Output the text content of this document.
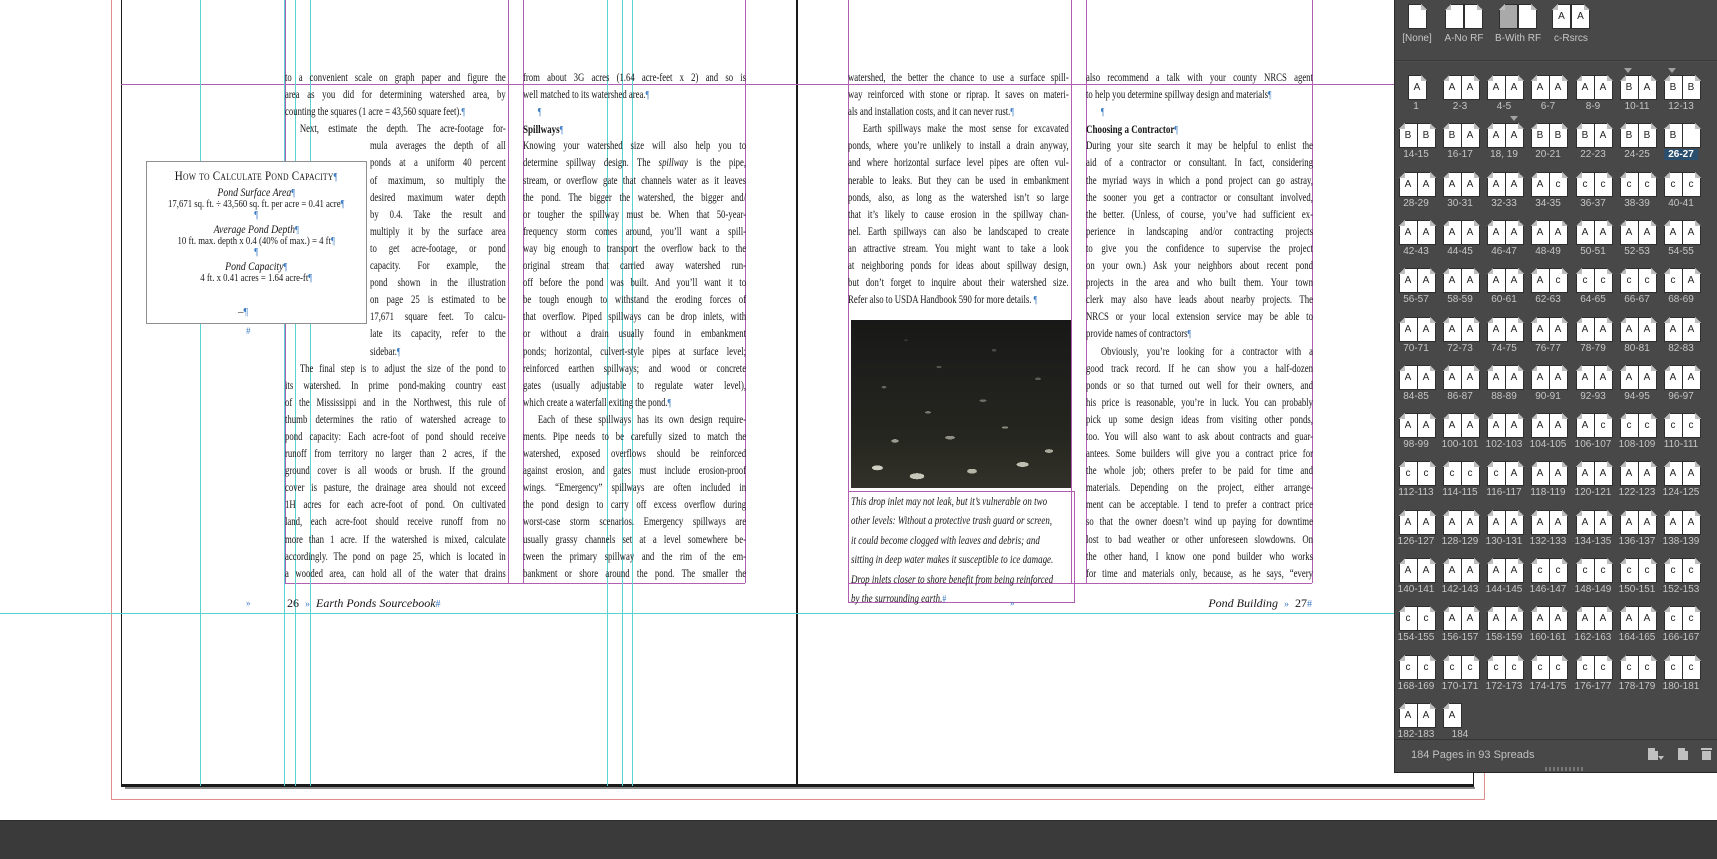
How to Calculate Pond Capacity¶
Pond Surface Area¶
17,671 sq. ft. ÷ 43,560 sq. ft. per acre = 0.41 acre¶
¶
Average Pond Depth¶
10 ft. max. depth x 0.4 (40% of max.) = 4 ft¶
¶
Pond Capacity¶
4 ft. x 0.41 acres = 1.64 acre-ft¶
to a convenient scale on graph paper and figure the
area as you did for determining watershed area, by
counting the squares (1 acre = 43,560 square feet).¶
Next, estimate the depth. The acre-footage for-
mula averages the depth of all
ponds at a uniform 40 percent
of maximum, so multiply the
desired maximum water depth
by 0.4. Take the result and
multiply it by the surface area
to get acre-footage, or pond
capacity. For example, the
pond shown in the illustration
on page 25 is estimated to be
17,671 square feet. To calcu-
late its capacity, refer to the
sidebar.¶
The final step is to adjust the size of the pond to
its watershed. In prime pond-making country east
of the Mississippi and in the Northwest, this rule of
thumb determines the ratio of watershed acreage to
pond capacity: Each acre-foot of pond should receive
runoff from territory no larger than 2 acres, if the
ground cover is all woods or brush. If the ground
cover is pasture, the drainage area should not exceed
1H acres for each acre-foot of pond. On cultivated
land, each acre-foot should receive runoff from no
more than 1 acre. If the watershed is mixed, calculate
accordingly. The pond on page 25, which is located in
a wooded area, can hold all of the water that drains
from about 3G acres (1.64 acre-feet x 2) and so is
well matched to its watershed area.¶
¶
Spillways¶
Knowing your watershed size will also help you to
determine spillway design. The spillway is the pipe,
stream, or overflow gate that channels water as it leaves
the pond. The bigger the watershed, the bigger and/
or tougher the spillway must be. When that 50-year-
frequency storm comes around, you’ll want a spill-
way big enough to transport the overflow back to the
original stream that carried away watershed run-
off before the pond was built. And you’ll want it to
be tough enough to withstand the eroding forces of
that overflow. Piped spillways can be drop inlets, with
or without a drain usually found in embankment
ponds; horizontal, culvert-style pipes at surface level;
reinforced earthen spillways; and wood or concrete
gates (usually adjustable to regulate water level),
which create a waterfall exiting the pond.¶
Each of these spillways has its own design require-
ments. Pipe needs to be carefully sized to match the
watershed, exposed overflows should be reinforced
against erosion, and gates must include erosion-proof
wings. “Emergency” spillways are often included in
the pond design to carry off excess overflow during
worst-case storm scenarios. Emergency spillways are
usually grassy channels set at a level somewhere be-
tween the primary spillway and the rim of the em-
bankment or shore around the pond. The smaller the
watershed, the better the chance to use a surface spill-
way reinforced with stone or riprap. It saves on materi-
als and installation costs, and it can never rust.¶
Earth spillways make the most sense for excavated
ponds, where you’re unlikely to install a drain anyway,
and where horizontal surface level pipes are often vul-
nerable to leaks. But they can be used in embankment
ponds, also, as long as the watershed isn’t so large
that it’s likely to cause erosion in the spillway chan-
nel. Earth spillways can also be landscaped to create
an attractive stream. You might want to take a look
at neighboring ponds for ideas about spillway design,
but don’t forget to inquire about their watershed size.
Refer also to USDA Handbook 590 for more details. ¶
also recommend a talk with your county NRCS agent
to help you determine spillway design and materials¶
¶
Choosing a Contractor¶
During your site search it may be helpful to enlist the
aid of a contractor or consultant. In fact, considering
the myriad ways in which a pond project can go astray,
the sooner you get a contractor or consultant involved,
the better. (Unless, of course, you’ve had sufficient ex-
perience in landscaping and/or contracting projects
to give you the confidence to supervise the project
on your own.) Ask your neighbors about recent pond
projects in the area and who built them. Your town
clerk may also have leads about nearby projects. The
NRCS or your local extension service may be able to
provide names of contractors¶
Obviously, you’re looking for a contractor with a
good track record. If he can show you a half-dozen
ponds or so that turned out well for their owners, and
his price is reasonable, you’re in luck. You can probably
pick up some design ideas from visiting other ponds,
too. You will also want to ask about contracts and guar-
antees. Some builders will give you a contract price for
the whole job; others prefer to be paid for time and
materials. Depending on the project, either arrange-
ment can be acceptable. I tend to prefer a contract price
so that the owner doesn’t wind up paying for downtime
lost to bad weather or other unforeseen slowdowns. On
the other hand, I know one pond builder who works
for time and materials only, because, as he says, “every
This drop inlet may not leak, but it’s vulnerable on two
other levels: Without a protective trash guard or screen,
it could become clogged with leaves and debris; and
sitting in deep water makes it susceptible to ice damage.
Drop inlets closer to shore benefit from being reinforced
by the surrounding earth.#
26  » Earth Ponds Sourcebook#	Pond Building »  27#
»	»
–¶
#
[None]	A-No RF	B-With RF
A	A
c-Rsrcs
A
1
A	A
2-3
A	A
4-5
A	A
6-7
A	A
8-9
B	A
10-11
B	B
12-13
B	B
14-15
B	A
16-17
A	A
18, 19
B	B
20-21
B	A
22-23
B	B
24-25
B
26-27
A	A
28-29
A	A
30-31
A	A
32-33
A	c
34-35
c	c
36-37
c	c
38-39
c	c
40-41
A	A
42-43
A	A
44-45
A	A
46-47
A	A
48-49
A	A
50-51
A	A
52-53
A	A
54-55
A	A
56-57
A	A
58-59
A	A
60-61
A	c
62-63
c	c
64-65
c	c
66-67
c	A
68-69
A	A
70-71
A	A
72-73
A	A
74-75
A	A
76-77
A	A
78-79
A	A
80-81
A	A
82-83
A	A
84-85
A	A
86-87
A	A
88-89
A	A
90-91
A	A
92-93
A	A
94-95
A	A
96-97
A	A
98-99
A	A
100-101
A	A
102-103
A	A
104-105
A	c
106-107
c	c
108-109
c	c
110-111
c	c
112-113
c	c
114-115
c	A
116-117
A	A
118-119
A	A
120-121
A	A
122-123
A	A
124-125
A	A
126-127
A	A
128-129
A	A
130-131
A	A
132-133
A	A
134-135
A	A
136-137
A	A
138-139
A	A
140-141
A	A
142-143
A	A
144-145
c	c
146-147
c	c
148-149
c	c
150-151
c	c
152-153
c	c
154-155
A	A
156-157
A	A
158-159
A	A
160-161
A	A
162-163
A	A
164-165
c	c
166-167
c	c
168-169
c	c
170-171
c	c
172-173
c	c
174-175
c	c
176-177
c	c
178-179
c	c
180-181
A	A
182-183
A
184
184 Pages in 93 Spreads
